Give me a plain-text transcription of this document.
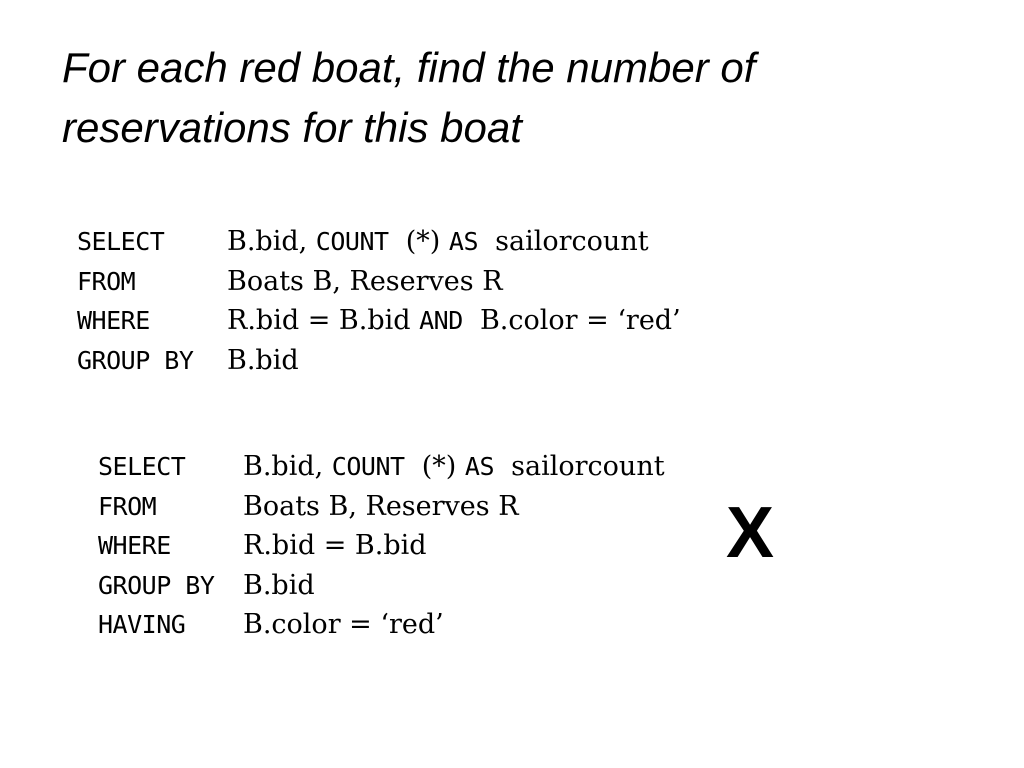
For each red boat, find the number of
reservations for this boat
SELECT	B.bid, COUNT  (*) AS  sailorcount
FROM	Boats B, Reserves R
WHERE	R.bid = B.bid AND  B.color = ‘red’
GROUP BY	B.bid
SELECT	B.bid, COUNT  (*) AS  sailorcount
FROM	Boats B, Reserves R
WHERE	R.bid = B.bid
GROUP BY	B.bid
HAVING	B.color = ‘red’
X
